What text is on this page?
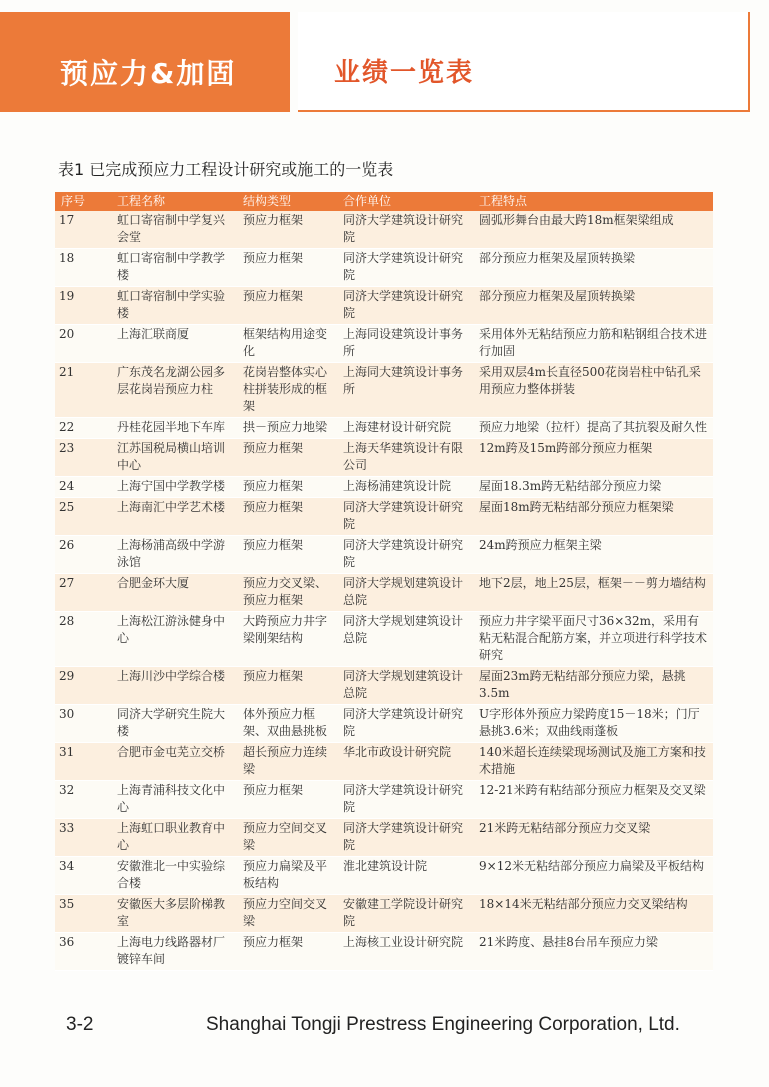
预应力&加固	业绩一览表
表1 已完成预应力工程设计研究或施工的一览表
序号	工程名称	结构类型	合作单位	工程特点
17	虹口寄宿制中学复兴会堂	预应力框架	同济大学建筑设计研究院	圆弧形舞台由最大跨18m框架梁组成
18	虹口寄宿制中学教学楼	预应力框架	同济大学建筑设计研究院	部分预应力框架及屋顶转换梁
19	虹口寄宿制中学实验楼	预应力框架	同济大学建筑设计研究院	部分预应力框架及屋顶转换梁
20	上海汇联商厦	框架结构用途变化	上海同设建筑设计事务所	采用体外无粘结预应力筋和粘钢组合技术进行加固
21	广东茂名龙湖公园多层花岗岩预应力柱	花岗岩整体实心柱拼装形成的框架	上海同大建筑设计事务所	采用双层4m长直径500花岗岩柱中钻孔采用预应力整体拼装
22	丹桂花园半地下车库	拱－预应力地梁	上海建材设计研究院	预应力地梁（拉杆）提高了其抗裂及耐久性
23	江苏国税局横山培训中心	预应力框架	上海天华建筑设计有限公司	12m跨及15m跨部分预应力框架
24	上海宁国中学教学楼	预应力框架	上海杨浦建筑设计院	屋面18.3m跨无粘结部分预应力梁
25	上海南汇中学艺术楼	预应力框架	同济大学建筑设计研究院	屋面18m跨无粘结部分预应力框架梁
26	上海杨浦高级中学游泳馆	预应力框架	同济大学建筑设计研究院	24m跨预应力框架主梁
27	合肥金环大厦	预应力交叉梁、预应力框架	同济大学规划建筑设计总院	地下2层，地上25层，框架－－剪力墙结构
28	上海松江游泳健身中心	大跨预应力井字梁刚架结构	同济大学规划建筑设计总院	预应力井字梁平面尺寸36×32m，采用有粘无粘混合配筋方案，并立项进行科学技术研究
29	上海川沙中学综合楼	预应力框架	同济大学规划建筑设计总院	屋面23m跨无粘结部分预应力梁，悬挑3.5m
30	同济大学研究生院大楼	体外预应力框架、双曲悬挑板	同济大学建筑设计研究院	U字形体外预应力梁跨度15－18米；门厅悬挑3.6米；双曲线雨蓬板
31	合肥市金屯芜立交桥	超长预应力连续梁	华北市政设计研究院	140米超长连续梁现场测试及施工方案和技术措施
32	上海青浦科技文化中心	预应力框架	同济大学建筑设计研究院	12-21米跨有粘结部分预应力框架及交叉梁
33	上海虹口职业教育中心	预应力空间交叉梁	同济大学建筑设计研究院	21米跨无粘结部分预应力交叉梁
34	安徽淮北一中实验综合楼	预应力扁梁及平板结构	淮北建筑设计院	9×12米无粘结部分预应力扁梁及平板结构
35	安徽医大多层阶梯教室	预应力空间交叉梁	安徽建工学院设计研究院	18×14米无粘结部分预应力交叉梁结构
36	上海电力线路器材厂镀锌车间	预应力框架	上海核工业设计研究院	21米跨度、悬挂8台吊车预应力梁
3-2	Shanghai Tongji Prestress Engineering Corporation, Ltd.
